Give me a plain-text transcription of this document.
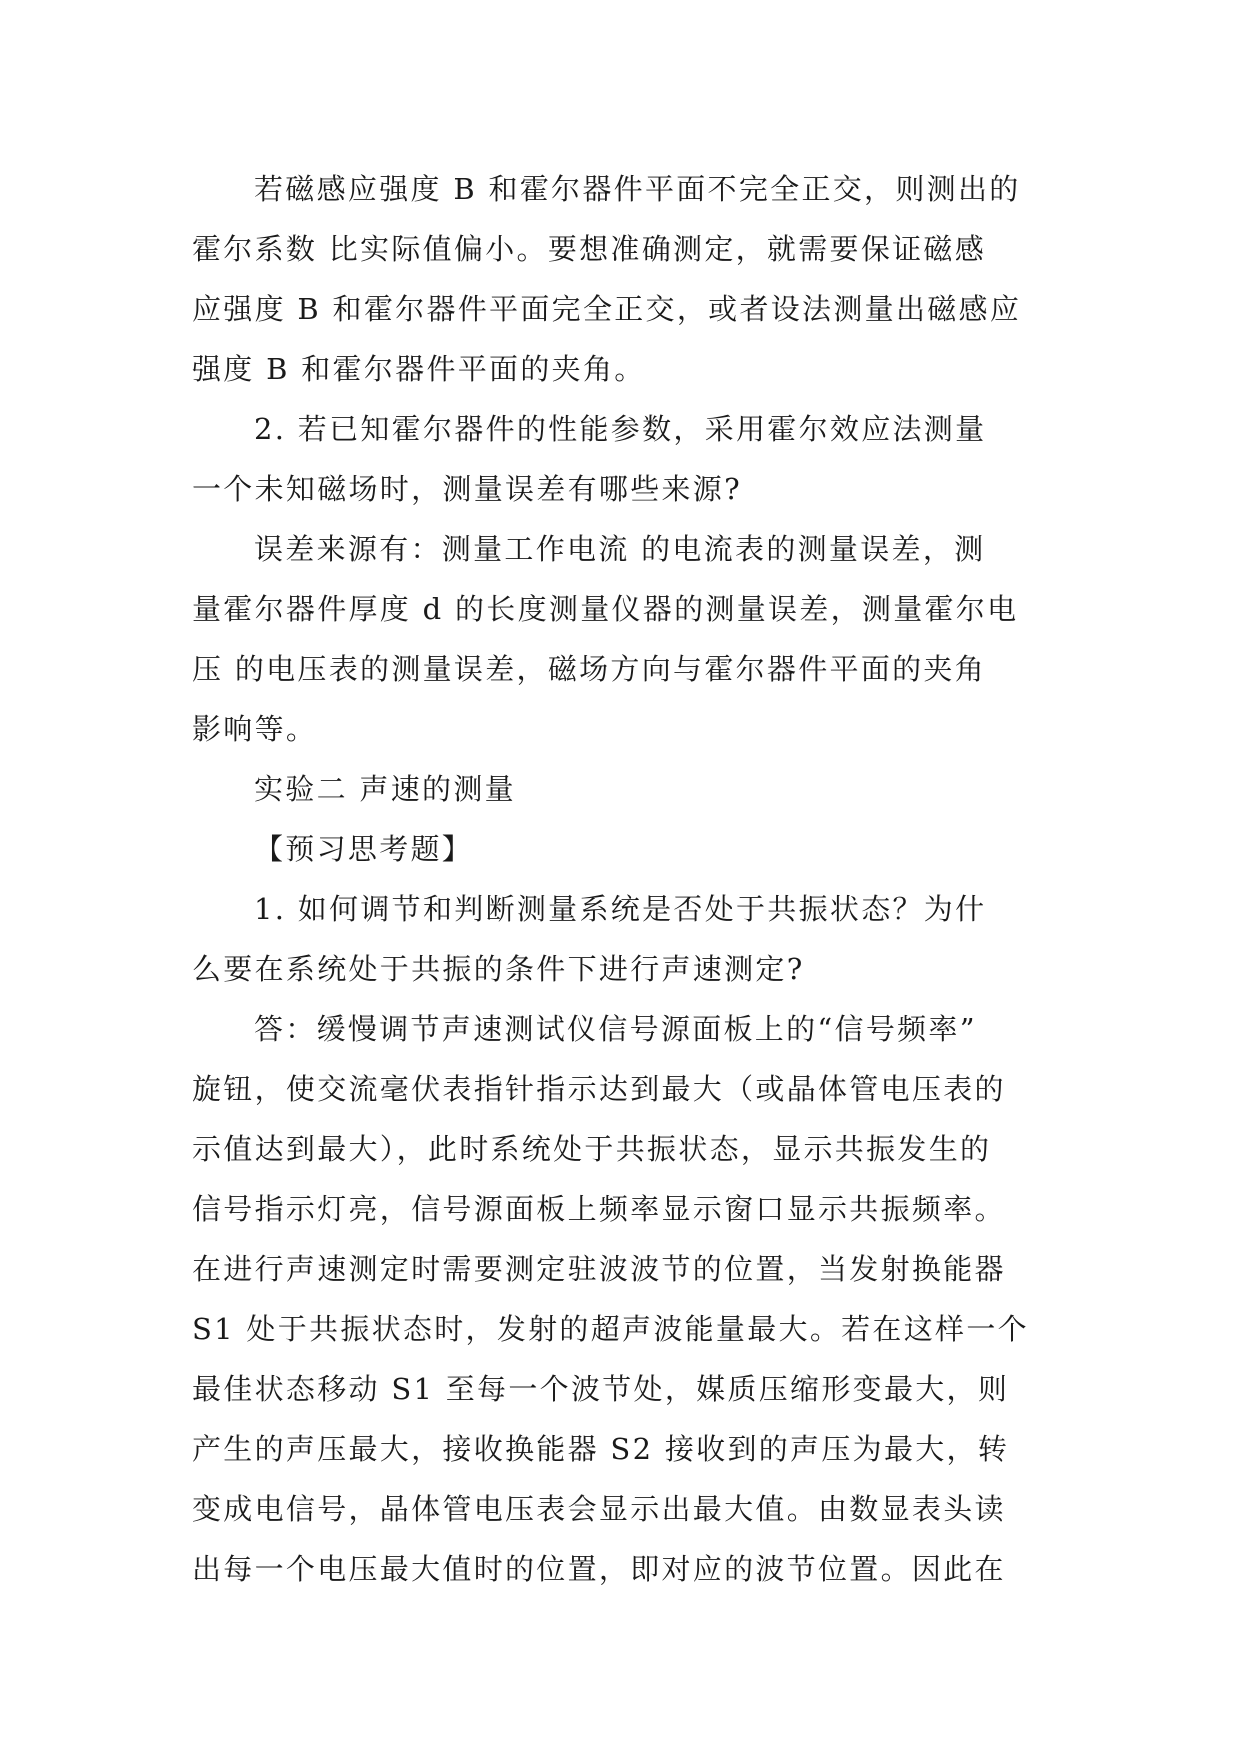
若磁感应强度 B 和霍尔器件平面不完全正交，则测出的
霍尔系数 比实际值偏小。要想准确测定，就需要保证磁感
应强度 B 和霍尔器件平面完全正交，或者设法测量出磁感应
强度 B 和霍尔器件平面的夹角。
2. 若已知霍尔器件的性能参数，采用霍尔效应法测量
一个未知磁场时，测量误差有哪些来源?
误差来源有：测量工作电流 的电流表的测量误差，测
量霍尔器件厚度 d 的长度测量仪器的测量误差，测量霍尔电
压 的电压表的测量误差，磁场方向与霍尔器件平面的夹角
影响等。
实验二 声速的测量
【预习思考题】
1. 如何调节和判断测量系统是否处于共振状态？为什
么要在系统处于共振的条件下进行声速测定?
答：缓慢调节声速测试仪信号源面板上的“信号频率”
旋钮，使交流毫伏表指针指示达到最大（或晶体管电压表的
示值达到最大），此时系统处于共振状态，显示共振发生的
信号指示灯亮，信号源面板上频率显示窗口显示共振频率。
在进行声速测定时需要测定驻波波节的位置，当发射换能器
S1 处于共振状态时，发射的超声波能量最大。若在这样一个
最佳状态移动 S1 至每一个波节处，媒质压缩形变最大，则
产生的声压最大，接收换能器 S2 接收到的声压为最大，转
变成电信号，晶体管电压表会显示出最大值。由数显表头读
出每一个电压最大值时的位置，即对应的波节位置。因此在
